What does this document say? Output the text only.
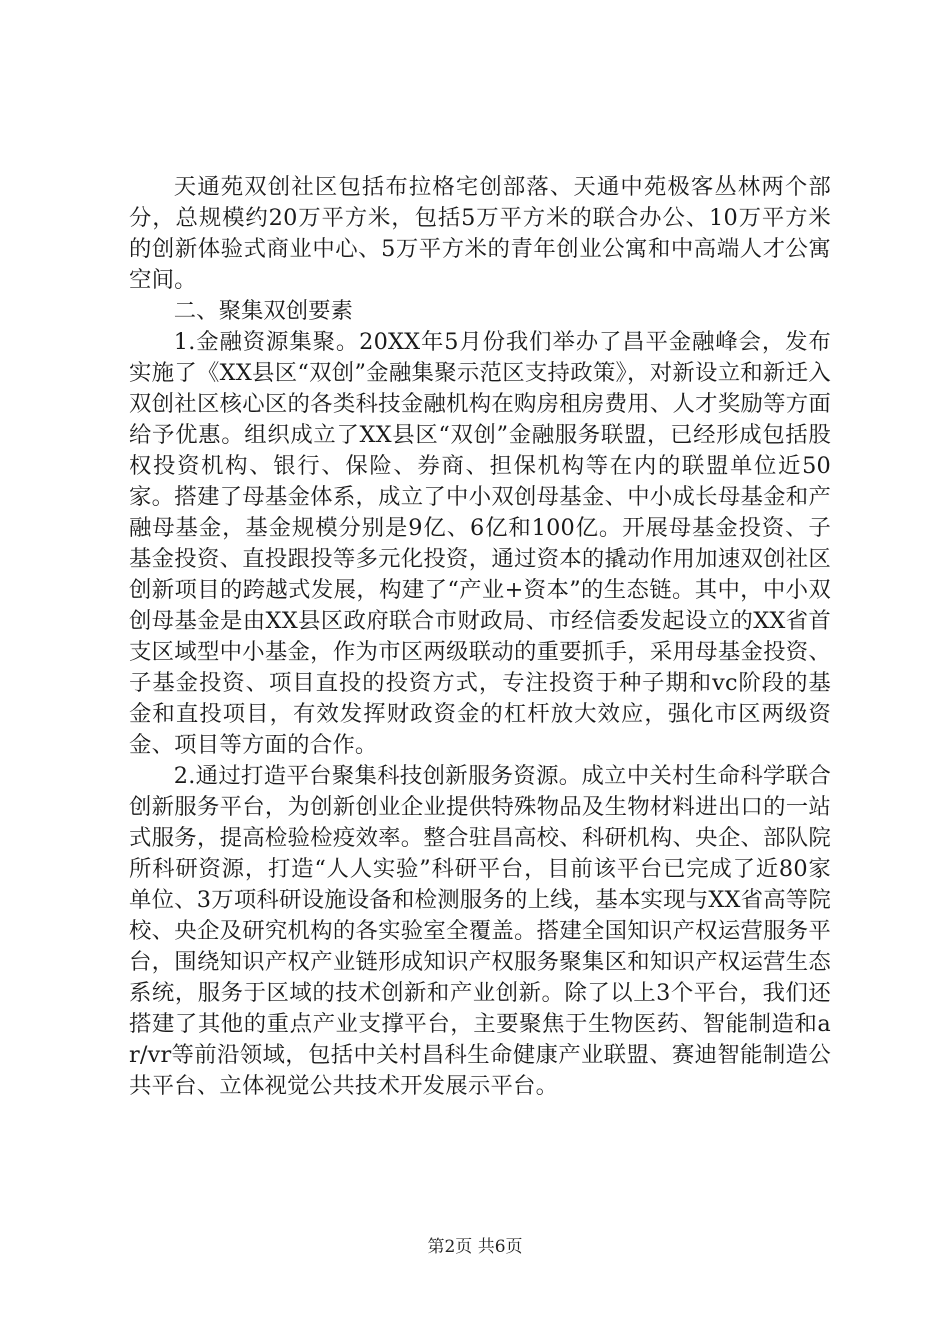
天通苑双创社区包括布拉格宅创部落、天通中苑极客丛林两个部分，总规模约20万平方米，包括5万平方米的联合办公、10万平方米的创新体验式商业中心、5万平方米的青年创业公寓和中高端人才公寓空间。

二、聚集双创要素

1.金融资源集聚。20XX年5月份我们举办了昌平金融峰会，发布实施了《XX县区“双创”金融集聚示范区支持政策》，对新设立和新迁入双创社区核心区的各类科技金融机构在购房租房费用、人才奖励等方面给予优惠。组织成立了XX县区“双创”金融服务联盟，已经形成包括股权投资机构、银行、保险、券商、担保机构等在内的联盟单位近50家。搭建了母基金体系，成立了中小双创母基金、中小成长母基金和产融母基金，基金规模分别是9亿、6亿和100亿。开展母基金投资、子基金投资、直投跟投等多元化投资，通过资本的撬动作用加速双创社区创新项目的跨越式发展，构建了“产业+资本”的生态链。其中，中小双创母基金是由XX县区政府联合市财政局、市经信委发起设立的XX省首支区域型中小基金，作为市区两级联动的重要抓手，采用母基金投资、子基金投资、项目直投的投资方式，专注投资于种子期和vc阶段的基金和直投项目，有效发挥财政资金的杠杆放大效应，强化市区两级资金、项目等方面的合作。

2.通过打造平台聚集科技创新服务资源。成立中关村生命科学联合创新服务平台，为创新创业企业提供特殊物品及生物材料进出口的一站式服务，提高检验检疫效率。整合驻昌高校、科研机构、央企、部队院所科研资源，打造“人人实验”科研平台，目前该平台已完成了近80家单位、3万项科研设施设备和检测服务的上线，基本实现与XX省高等院校、央企及研究机构的各实验室全覆盖。搭建全国知识产权运营服务平台，围绕知识产权产业链形成知识产权服务聚集区和知识产权运营生态系统，服务于区域的技术创新和产业创新。除了以上3个平台，我们还搭建了其他的重点产业支撑平台，主要聚焦于生物医药、智能制造和ar/vr等前沿领域，包括中关村昌科生命健康产业联盟、赛迪智能制造公共平台、立体视觉公共技术开发展示平台。

第2页 共6页
